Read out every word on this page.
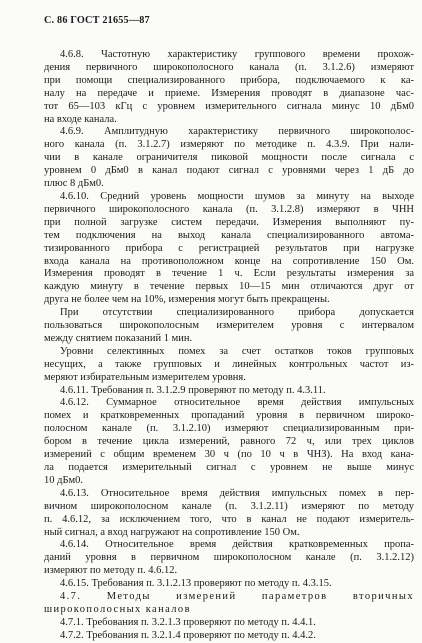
С. 86 ГОСТ 21655—87
4.6.8. Частотную характеристику группового времени прохож-
дения первичного широкополосного канала (п. 3.1.2.6) измеряют
при помощи специализированного прибора, подключаемого к ка-
налу на передаче и приеме. Измерения проводят в диапазоне час-
тот 65—103 кГц с уровнем измерительного сигнала минус 10 дБм0
на входе канала.
4.6.9. Амплитудную характеристику первичного широкополос-
ного канала (п. 3.1.2.7) измеряют по методике п. 4.3.9. При нали-
чии в канале ограничителя пиковой мощности после сигнала с
уровнем 0 дБм0 в канал подают сигнал с уровнями через 1 дБ до
плюс 8 дБм0.
4.6.10. Средний уровень мощности шумов за минуту на выходе
первичного широкополосного канала (п. 3.1.2.8) измеряют в ЧНН
при полной загрузке систем передачи. Измерения выполняют пу-
тем подключения на выход канала специализированного автома-
тизированного прибора с регистрацией результатов при нагрузке
входа канала на противоположном конце на сопротивление 150 Ом.
Измерения проводят в течение 1 ч. Если результаты измерения за
каждую минуту в течение первых 10—15 мин отличаются друг от
друга не более чем на 10%, измерения могут быть прекращены.
При отсутствии специализированного прибора допускается
пользоваться широкополосным измерителем уровня с интервалом
между снятием показаний 1 мин.
Уровни селективных помех за счет остатков токов групповых
несущих, а также групповых и линейных контрольных частот из-
меряют избирательным измерителем уровня.
4.6.11. Требования п. 3.1.2.9 проверяют по методу п. 4.3.11.
4.6.12. Суммарное относительное время действия импульсных
помех и кратковременных пропаданий уровня в первичном широко-
полосном канале (п. 3.1.2.10) измеряют специализированным при-
бором в течение цикла измерений, равного 72 ч, или трех циклов
измерений с общим временем 30 ч (по 10 ч в ЧНЗ). На вход кана-
ла подается измерительный сигнал с уровнем не выше минус
10 дБм0.
4.6.13. Относительное время действия импульсных помех в пер-
вичном широкополосном канале (п. 3.1.2.11) измеряют по методу
п. 4.6.12, за исключением того, что в канал не подают измеритель-
ный сигнал, а вход нагружают на сопротивление 150 Ом.
4.6.14. Относительное время действия кратковременных пропа-
даний уровня в первичном широкополосном канале (п. 3.1.2.12)
измеряют по методу п. 4.6.12.
4.6.15. Требования п. 3.1.2.13 проверяют по методу п. 4.3.15.
4.7. Методы измерений параметров вторичных
широкополосных каналов
4.7.1. Требования п. 3.2.1.3 проверяют по методу п. 4.4.1.
4.7.2. Требования п. 3.2.1.4 проверяют по методу п. 4.4.2.
